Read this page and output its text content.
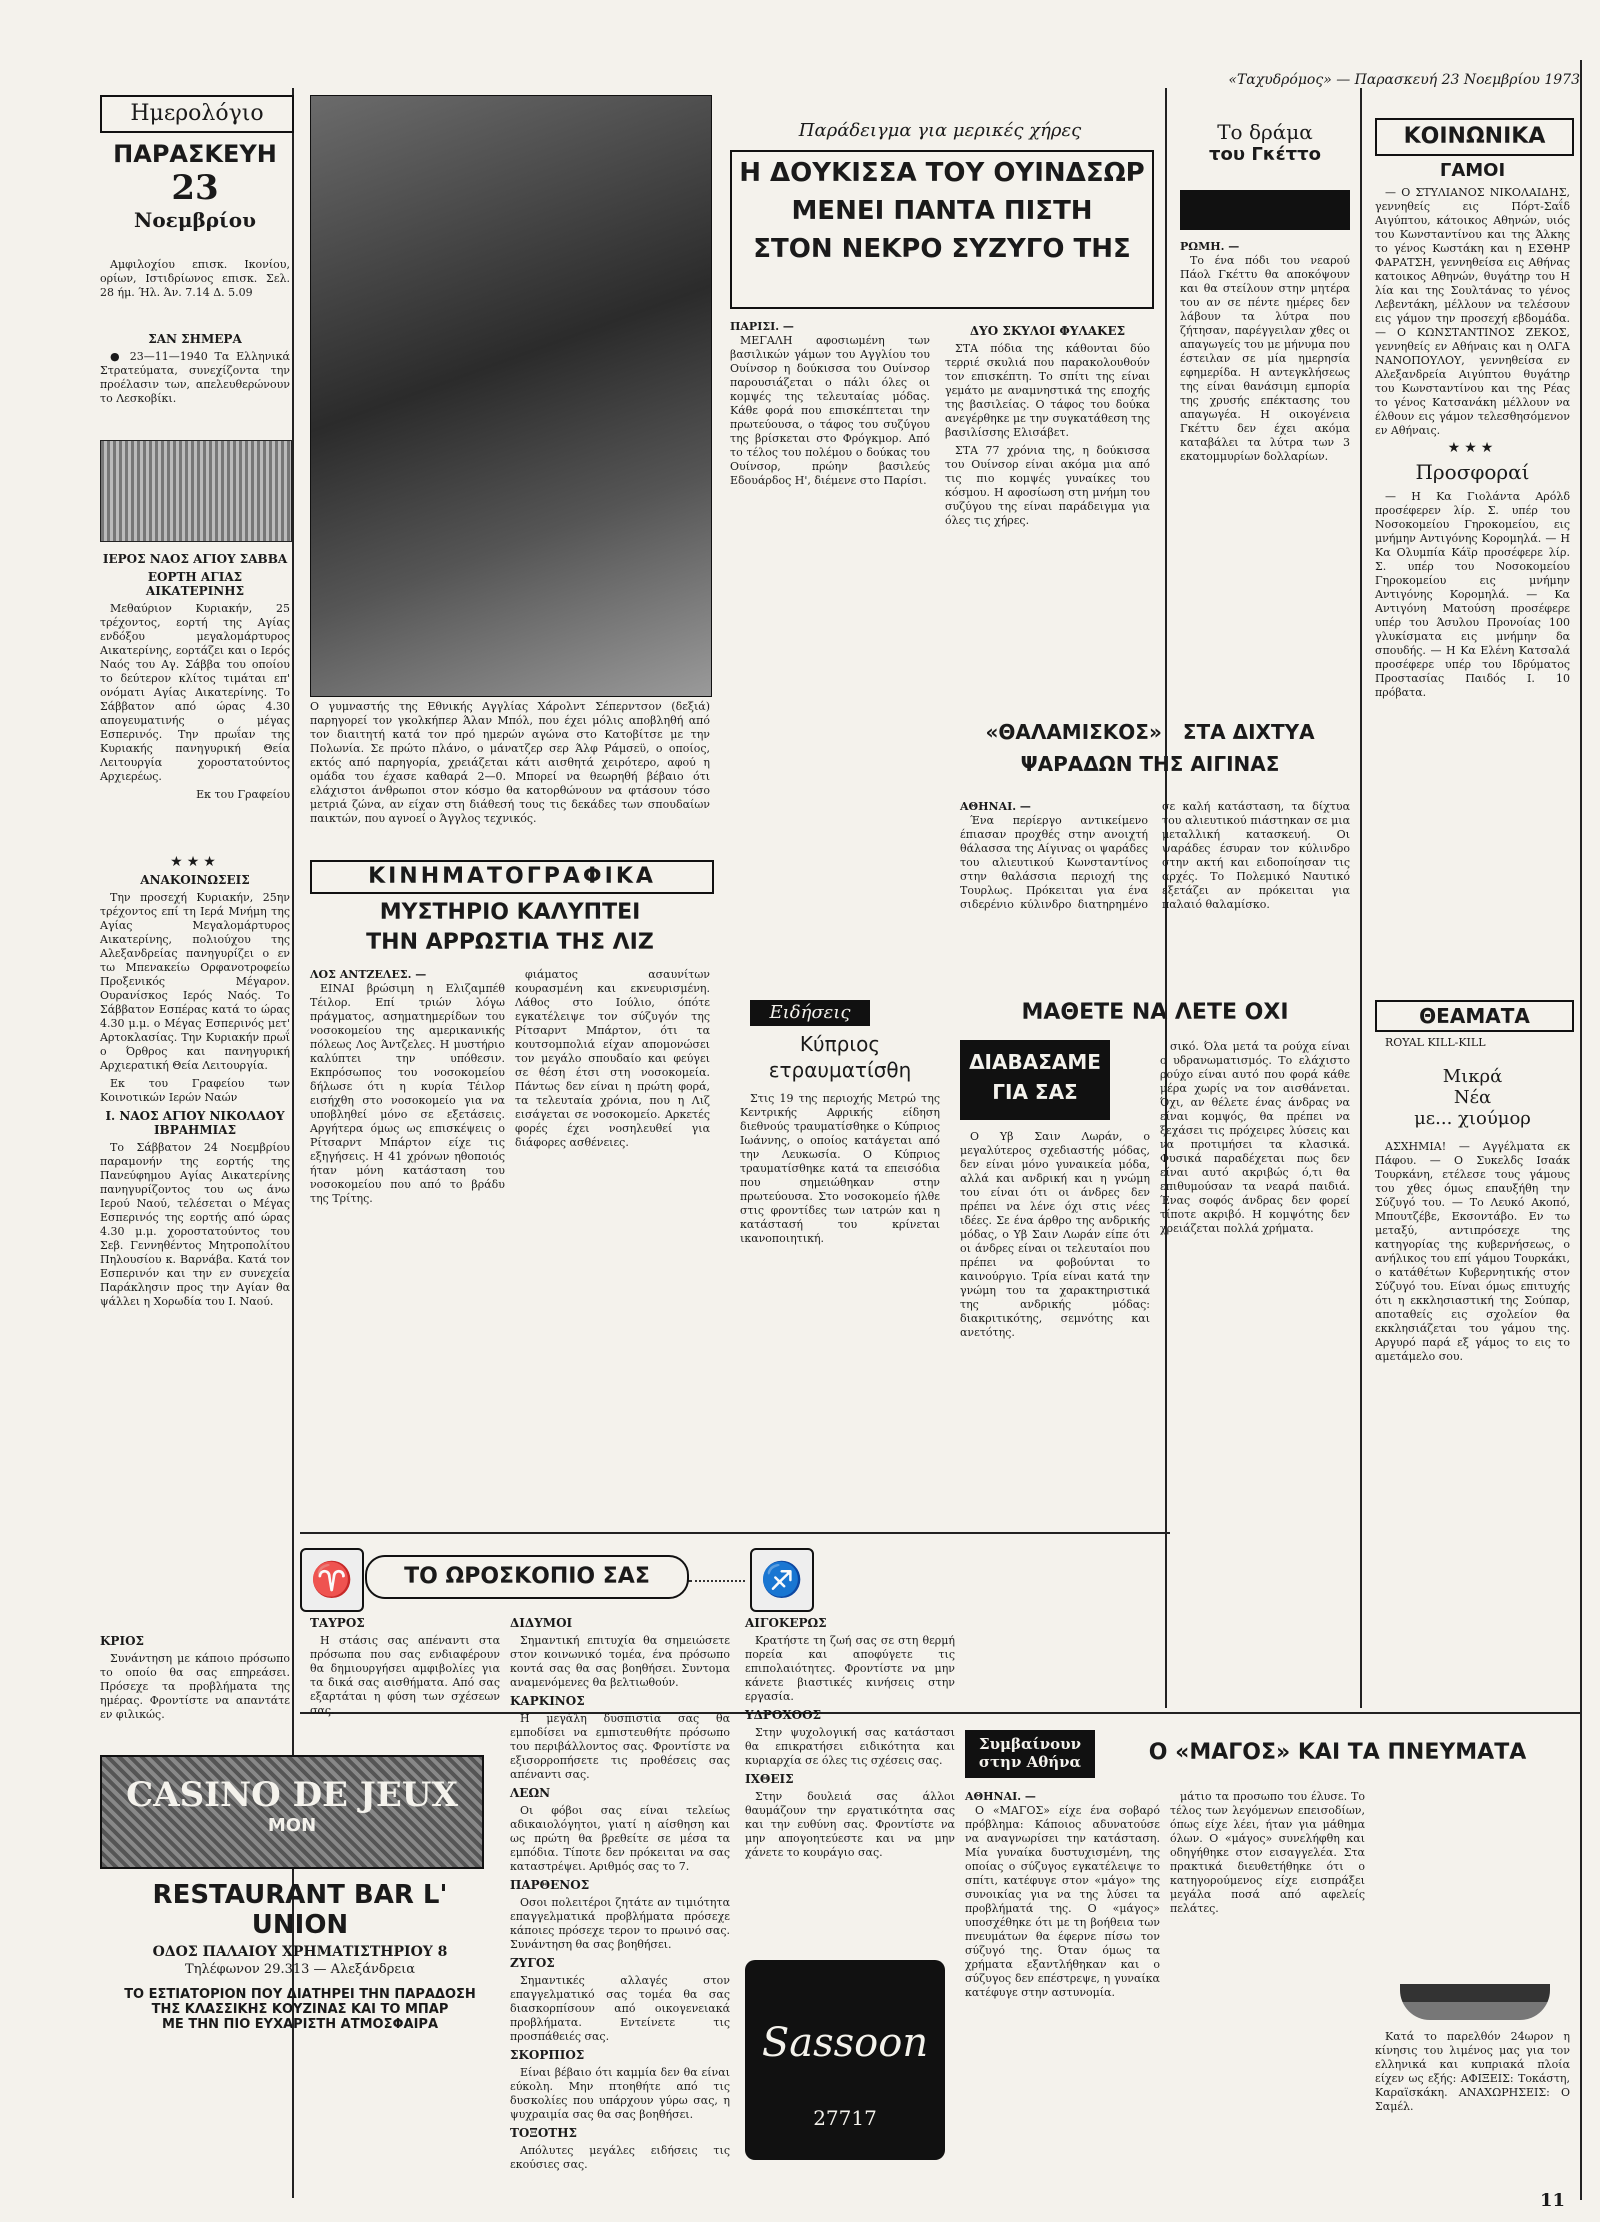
«Ταχυδρόμος» — Παρασκευή 23 Νοεμβρίου 1973
11
Ημερολόγιο
ΠΑΡΑΣΚΕΥΗ
23
Νοεμβρίου

Αμφιλοχίου επισκ. Ικονίου, ορίων, Ιστιδρίωνος επισκ. Σελ. 28 ήμ. Ήλ. Άν. 7.14 Δ. 5.09

ΣΑΝ ΣΗΜΕΡΑ

● 23—11—1940 Τα Ελληνικά Στρατεύματα, συνεχίζοντα την προέλασιν των, απελευθερώνουν το Λεσκοβίκι.

ΙΕΡΟΣ ΝΑΟΣ ΑΓΙΟΥ ΣΑΒΒΑ
ΕΟΡΤΗ ΑΓΙΑΣ ΑΙΚΑΤΕΡΙΝΗΣ

Μεθαύριον Κυριακήν, 25 τρέχοντος, εορτή της Αγίας ενδόξου μεγαλομάρτυρος Αικατερίνης, εορτάζει και ο Ιερός Ναός του Αγ. Σάββα του οποίου το δεύτερον κλίτος τιμάται επ' ονόματι Αγίας Αικατερίνης. Το Σάββατον από ώρας 4.30 απογευματινής ο μέγας Εσπερινός. Την πρωΐαν της Κυριακής πανηγυρική Θεία Λειτουργία χοροστατούντος Αρχιερέως.

Εκ του Γραφείου

★★★
ΑΝΑΚΟΙΝΩΣΕΙΣ

Την προσεχή Κυριακήν, 25ην τρέχοντος επί τη Ιερά Μνήμη της Αγίας Μεγαλομάρτυρος Αικατερίνης, πολιούχου της Αλεξανδρείας πανηγυρίζει ο εν τω Μπενακείω Ορφανοτροφείω Προξενικός Μέγαρον. Ουρανίσκος Ιερός Ναός. Το Σάββατον Εσπέρας κατά το ώρας 4.30 μ.μ. ο Μέγας Εσπερινός μετ' Αρτοκλασίας. Την Κυριακήν πρωΐ ο Όρθρος και πανηγυρική Αρχιερατική Θεία Λειτουργία.

Εκ του Γραφείου των Κοινοτικών Ιερών Ναών

Ι. ΝΑΟΣ ΑΓΙΟΥ ΝΙΚΟΛΑΟΥ ΙΒΡΑΗΜΙΑΣ

Το Σάββατον 24 Νοεμβρίου παραμονήν της εορτής της Πανεύφημου Αγίας Αικατερίνης πανηγυρίζοντος του ως άνω Ιερού Ναού, τελέσεται ο Μέγας Εσπερινός της εορτής από ώρας 4.30 μ.μ. χοροστατούντος του Σεβ. Γεννηθέντος Μητροπολίτου Πηλουσίου κ. Βαρνάβα. Κατά τον Εσπερινόν και την εν συνεχεία Παράκλησιν προς την Αγίαν θα ψάλλει η Χορωδία του Ι. Ναού.

Ο γυμναστής της Εθνικής Αγγλίας Χάρολντ Σέπερντσον (δεξιά) παρηγορεί τον γκολκήπερ Άλαν Μπόλ, που έχει μόλις αποβληθή από τον διαιτητή κατά τον πρό ημερών αγώνα στο Κατοβίτσε με την Πολωνία. Σε πρώτο πλάνο, ο μάνατζερ σερ Άλφ Ράμσεϋ, ο οποίος, εκτός από παρηγορία, χρειάζεται κάτι αισθητά χειρότερο, αφού η ομάδα του έχασε καθαρά 2—0. Μπορεί να θεωρηθή βέβαιο ότι ελάχιστοι άνθρωποι στον κόσμο θα κατορθώνουν να φτάσουν τόσο μετριά ζώνα, αν είχαν στη διάθεσή τους τις δεκάδες των σπουδαίων παικτών, που αγνοεί ο Άγγλος τεχνικός.
ΚΙΝΗΜΑΤΟΓΡΑΦΙΚΑ
ΜΥΣΤΗΡΙΟ ΚΑΛΥΠΤΕΙ
ΤΗΝ ΑΡΡΩΣΤΙΑ ΤΗΣ ΛΙΖ
ΛΟΣ ΑΝΤΖΕΛΕΣ. —

ΕΙΝΑΙ βρώσιμη η Ελιζαμπέθ Τέιλορ. Επί τριών λόγω πράγματος, ασηματημερίδων του νοσοκομείου της αμερικανικής πόλεως Λος Άντζελες. Η μυστήριο καλύπτει την υπόθεσιν. Εκπρόσωπος του νοσοκομείου δήλωσε ότι η κυρία Τέιλορ εισήχθη στο νοσοκομείο για να υποβληθεί μόνο σε εξετάσεις. Αργήτερα όμως ως επισκέψεις ο Ρίτσαρντ Μπάρτον είχε τις εξηγήσεις. Η 41 χρόνων ηθοποιός ήταν μόνη κατάσταση του νοσοκομείου που από το βράδυ της Τρίτης.

φιάματος ασαυνίτων κουρασμένη και εκνευρισμένη. Λάθος στο Ιούλιο, όπότε εγκατέλειψε τον σύζυγόν της Ρίτσαρντ Μπάρτον, ότι τα κουτσομπολιά είχαν απομονώσει τον μεγάλο σπουδαίο και φεύγει σε θέση έτσι στη νοσοκομεία. Πάντως δεν είναι η πρώτη φορά, τα τελευταία χρόνια, που η Λιζ εισάγεται σε νοσοκομείο. Αρκετές φορές έχει νοσηλευθεί για διάφορες ασθένειες.

Παράδειγμα για μερικές χήρες
Η ΔΟΥΚΙΣΣΑ ΤΟΥ ΟΥΙΝΔΣΩΡ
ΜΕΝΕΙ ΠΑΝΤΑ ΠΙΣΤΗ
ΣΤΟΝ ΝΕΚΡΟ ΣΥΖΥΓΟ ΤΗΣ
ΠΑΡΙΣΙ. —

ΜΕΓΑΛΗ αφοσιωμένη των βασιλικών γάμων του Αγγλίου του Ουίνσορ η δούκισσα του Ουίνσορ παρουσιάζεται ο πάλι όλες οι κομψές της τελευταίας μόδας. Κάθε φορά που επισκέπτεται την πρωτεύουσα, ο τάφος του συζύγου της βρίσκεται στο Φρόγκμορ. Από το τέλος του πολέμου ο δούκας του Ουίνσορ, πρώην βασιλεύς Εδουάρδος Η', διέμενε στο Παρίσι.

ΔΥΟ ΣΚΥΛΟΙ ΦΥΛΑΚΕΣ

ΣΤΑ πόδια της κάθονται δύο τερριέ σκυλιά που παρακολουθούν τον επισκέπτη. Το σπίτι της είναι γεμάτο με αναμνηστικά της εποχής της βασιλείας. Ο τάφος του δούκα ανεγέρθηκε με την συγκατάθεση της βασιλίσσης Ελισάβετ.

ΣΤΑ 77 χρόνια της, η δούκισσα του Ουίνσορ είναι ακόμα μια από τις πιο κομψές γυναίκες του κόσμου. Η αφοσίωση στη μνήμη του συζύγου της είναι παράδειγμα για όλες τις χήρες.

«ΘΑΛΑΜΙΣΚΟΣ» ΣΤΑ ΔΙΧΤΥΑ
ΨΑΡΑΔΩΝ ΤΗΣ ΑΙΓΙΝΑΣ
ΑΘΗΝΑΙ. —

Ένα περίεργο αντικείμενο έπιασαν προχθές στην ανοιχτή θάλασσα της Αίγινας οι ψαράδες του αλιευτικού Κωνσταντίνος στην θαλάσσια περιοχή της Τουρλως. Πρόκειται για ένα σιδερένιο κύλινδρο διατηρημένο σε καλή κατάσταση, τα δίχτυα του αλιευτικού πιάστηκαν σε μια μεταλλική κατασκευή. Οι ψαράδες έσυραν τον κύλινδρο στην ακτή και ειδοποίησαν τις αρχές. Το Πολεμικό Ναυτικό εξετάζει αν πρόκειται για παλαιό θαλαμίσκο.

Ειδήσεις
Κύπριος
ετραυματίσθη

Στις 19 της περιοχής Μετρώ της Κεντρικής Αφρικής είδηση διεθνούς τραυματίσθηκε ο Κύπριος Ιωάννης, ο οποίος κατάγεται από την Λευκωσία. Ο Κύπριος τραυματίσθηκε κατά τα επεισόδια που σημειώθηκαν στην πρωτεύουσα. Στο νοσοκομείο ήλθε στις φροντίδες των ιατρών και η κατάστασή του κρίνεται ικανοποιητική.

ΜΑΘΕΤΕ ΝΑ ΛΕΤΕ ΟΧΙ
ΔΙΑΒΑΣΑΜΕ
ΓΙΑ ΣΑΣ

Ο Υβ Σαιν Λωράν, ο μεγαλύτερος σχεδιαστής μόδας, δεν είναι μόνο γυναικεία μόδα, αλλά και ανδρική και η γνώμη του είναι ότι οι άνδρες δεν πρέπει να λένε όχι στις νέες ιδέες. Σε ένα άρθρο της ανδρικής μόδας, ο Υβ Σαιν Λωράν είπε ότι οι άνδρες είναι οι τελευταίοι που πρέπει να φοβούνται το καινούργιο. Τρία είναι κατά την γνώμη του τα χαρακτηριστικά της ανδρικής μόδας: διακριτικότης, σεμνότης και ανετότης.

σικό. Όλα μετά τα ρούχα είναι ο υδρανωματισμός. Το ελάχιστο ρούχο είναι αυτό που φορά κάθε μέρα χωρίς να τον αισθάνεται. Όχι, αν θέλετε ένας άνδρας να είναι κομψός, θα πρέπει να ξεχάσει τις πρόχειρες λύσεις και να προτιμήσει τα κλασικά. Φυσικά παραδέχεται πως δεν είναι αυτό ακριβώς ό,τι θα επιθυμούσαν τα νεαρά παιδιά. Ένας σοφός άνδρας δεν φορεί τίποτε ακριβό. Η κομψότης δεν χρειάζεται πολλά χρήματα.

Το δράμα
του Γκέττο
ΡΩΜΗ. —

Το ένα πόδι του νεαρού Πάολ Γκέττυ θα αποκόψουν και θα στείλουν στην μητέρα του αν σε πέντε ημέρες δεν λάβουν τα λύτρα που ζήτησαν, παρέγγειλαν χθες οι απαγωγείς του με μήνυμα που έστειλαν σε μία ημερησία εφημερίδα. Η αντεγκλήσεως της είναι θανάσιμη εμπορία της χρυσής επέκτασης του απαγωγέα. Η οικογένεια Γκέττυ δεν έχει ακόμα καταβάλει τα λύτρα των 3 εκατομμυρίων δολλαρίων.

ΚΟΙΝΩΝΙΚΑ
ΓΑΜΟΙ

— Ο ΣΤΥΛΙΑΝΟΣ ΝΙΚΟΛΑΙΔΗΣ, γεννηθείς εις Πόρτ-Σαΐδ Αιγύπτου, κάτοικος Αθηνών, υιός του Κωνσταντίνου και της Άλκης το γένος Κωστάκη και η ΕΣΘΗΡ ΦΑΡΑΤΣΗ, γεννηθείσα εις Αθήνας κατοικος Αθηνών, θυγάτηρ του Η λία και της Σουλτάνας το γένος Λεβεντάκη, μέλλουν να τελέσουν εις γάμον την προσεχή εβδομάδα. — Ο ΚΩΝΣΤΑΝΤΙΝΟΣ ΖΕΚΟΣ, γεννηθείς εν Αθήναις και η ΟΛΓΑ ΝΑΝΟΠΟΥΛΟΥ, γεννηθείσα εν Αλεξανδρεία Αιγύπτου θυγάτηρ του Κωνσταντίνου και της Ρέας το γένος Κατσανάκη μέλλουν να έλθουν εις γάμον τελεσθησόμενον εν Αθήναις.

★★★
Προσφοραί

— Η Κα Γιολάντα Αρόλδ προσέφερεν λίρ. Σ. υπέρ του Νοσοκομείου Γηροκομείου, εις μνήμην Αντιγόνης Κορομηλά. — Η Κα Ολυμπία Κάϊρ προσέφερε λίρ. Σ. υπέρ του Νοσοκομείου Γηροκομείου εις μνήμην Αντιγόνης Κορομηλά. — Κα Αντιγόνη Ματούση προσέφερε υπέρ του Άσυλου Προνοίας 100 γλυκίσματα εις μνήμην δα σπουδής. — Η Κα Ελένη Κατσαλά προσέφερε υπέρ του Ιδρύματος Προστασίας Παιδός Ι. 10 πρόβατα.

ΘΕΑΜΑΤΑ

ROYAL KILL-KILL

Μικρά
Νέα
με... χιούμορ

ΑΣΧΗΜΙΑ! — Αγγέλματα εκ Πάφου. — Ο Συκελδς Ισαάκ Τουρκάνη, ετέλεσε τους γάμους του χθες όμως επαυξήθη την Σύζυγό του. — Το Λευκό Ακοπό, Μπουτζέβε, Εκσοντάβο. Εν τω μεταξύ, αντιπρόσεχε της κατηγορίας της κυβερνήσεως, ο ανήλικος του επί γάμου Τουρκάκι, ο κατάθέτων Κυβερνητικής στον Σύζυγό του. Είναι όμως επιτυχής ότι η εκκλησιαστική της Σούπαρ, αποταθείς εις σχολείον θα εκκλησιάζεται του γάμου της. Αργυρό παρά εξ γάμος το εις το αμετάμελο σου.

♈	ΤΟ ΩΡΟΣΚΟΠΙΟ ΣΑΣ	♐
ΚΡΙΟΣ

Συνάντηση με κάποιο πρόσωπο το οποίο θα σας επηρεάσει. Πρόσεχε τα προβλήματα της ημέρας. Φροντίστε να απαντάτε εν φιλικώς.

ΤΑΥΡΟΣ

Η στάσις σας απέναντι στα πρόσωπα που σας ενδιαφέρουν θα δημιουργήσει αμφιβολίες για τα δικά σας αισθήματα. Από σας εξαρτάται η φύση των σχέσεων σας.

ΔΙΔΥΜΟΙ

Σημαντική επιτυχία θα σημειώσετε στον κοινωνικό τομέα, ένα πρόσωπο κοντά σας θα σας βοηθήσει. Συντομα αναμενόμενες θα βελτιωθούν.

ΚΑΡΚΙΝΟΣ

Η μεγάλη δυσπιστία σας θα εμποδίσει να εμπιστευθήτε πρόσωπο του περιβάλλοντος σας. Φροντίστε να εξισορροπήσετε τις προθέσεις σας απέναντι σας.

ΛΕΩΝ

Οι φόβοι σας είναι τελείως αδικαιολόγητοι, γιατί η αίσθηση και ως πρώτη θα βρεθείτε σε μέσα τα εμπόδια. Τίποτε δεν πρόκειται να σας καταστρέψει. Αριθμός σας το 7.

ΠΑΡΘΕΝΟΣ

Οσοι πολειτέροι ζητάτε αν τιμιότητα επαγγελματικά προβλήματα πρόσεχε κάποιες πρόσεχε τερον το πρωινό σας. Συνάντηση θα σας βοηθήσει.

ΖΥΓΟΣ

Σημαντικές αλλαγές στον επαγγελματικό σας τομέα θα σας διασκορπίσουν από οικογενειακά προβλήματα. Εντείνετε τις προσπάθειές σας.

ΣΚΟΡΠΙΟΣ

Είναι βέβαιο ότι καμμία δεν θα είναι εύκολη. Μην πτοηθήτε από τις δυσκολίες που υπάρχουν γύρω σας, η ψυχραιμία σας θα σας βοηθήσει.

ΤΟΞΟΤΗΣ

Απόλυτες μεγάλες ειδήσεις τις εκούσιες σας.

ΑΙΓΟΚΕΡΩΣ

Κρατήστε τη ζωή σας σε στη θερμή πορεία και αποφύγετε τις επιπολαιότητες. Φροντίστε να μην κάνετε βιαστικές κινήσεις στην εργασία.

ΥΔΡΟΧΟΟΣ

Στην ψυχολογική σας κατάστασι θα επικρατήσει ειδικότητα και κυριαρχία σε όλες τις σχέσεις σας.

ΙΧΘΕΙΣ

Στην δουλειά σας άλλοι θαυμάζουν την εργατικότητα σας και την ευθύνη σας. Φροντίστε να μην απογοητεύεστε και να μην χάνετε το κουράγιο σας.

CASINO DE JEUX
MON
RESTAURANT BAR L' UNION
ΟΔΟΣ ΠΑΛΑΙΟΥ ΧΡΗΜΑΤΙΣΤΗΡΙΟΥ 8
Τηλέφωνον 29.313 — Αλεξάνδρεια
ΤΟ ΕΣΤΙΑΤΟΡΙΟΝ ΠΟΥ ΔΙΑΤΗΡΕΙ ΤΗΝ ΠΑΡΑΔΟΣΗ
ΤΗΣ ΚΛΑΣΣΙΚΗΣ ΚΟΥΖΙΝΑΣ ΚΑΙ ΤΟ ΜΠΑΡ
ΜΕ ΤΗΝ ΠΙΟ ΕΥΧΑΡΙΣΤΗ ΑΤΜΟΣΦΑΙΡΑ	Sassoon
27717
Συμβαίνουν
στην Αθήνα	Ο «ΜΑΓΟΣ» ΚΑΙ ΤΑ ΠΝΕΥΜΑΤΑ
ΑΘΗΝΑΙ. —

Ο «ΜΑΓΟΣ» είχε ένα σοβαρό πρόβλημα: Κάποιος αδυνατούσε να αναγνωρίσει την κατάσταση. Μία γυναίκα δυστυχισμένη, της οποίας ο σύζυγος εγκατέλειψε το σπίτι, κατέφυγε στον «μάγο» της συνοικίας για να της λύσει τα προβλήματά της. Ο «μάγος» υποσχέθηκε ότι με τη βοήθεια των πνευμάτων θα έφερνε πίσω τον σύζυγό της. Όταν όμως τα χρήματα εξαντλήθηκαν και ο σύζυγος δεν επέστρεψε, η γυναίκα κατέφυγε στην αστυνομία.

μάτιο τα προσωπο του έλυσε. Το τέλος των λεγόμενων επεισοδίων, όπως είχε λέει, ήταν για μάθημα όλων. Ο «μάγος» συνελήφθη και οδηγήθηκε στον εισαγγελέα. Στα πρακτικά διευθετήθηκε ότι ο κατηγορούμενος είχε εισπράξει μεγάλα ποσά από αφελείς πελάτες.

Κατά το παρελθόν 24ωρον η κίνησις του λιμένος μας για τον ελληνικά και κυπριακά πλοία είχεν ως εξής: ΑΦΙΞΕΙΣ: Τοκάστη, Καραϊσκάκη. ΑΝΑΧΩΡΗΣΕΙΣ: Ο Σαμέλ.
